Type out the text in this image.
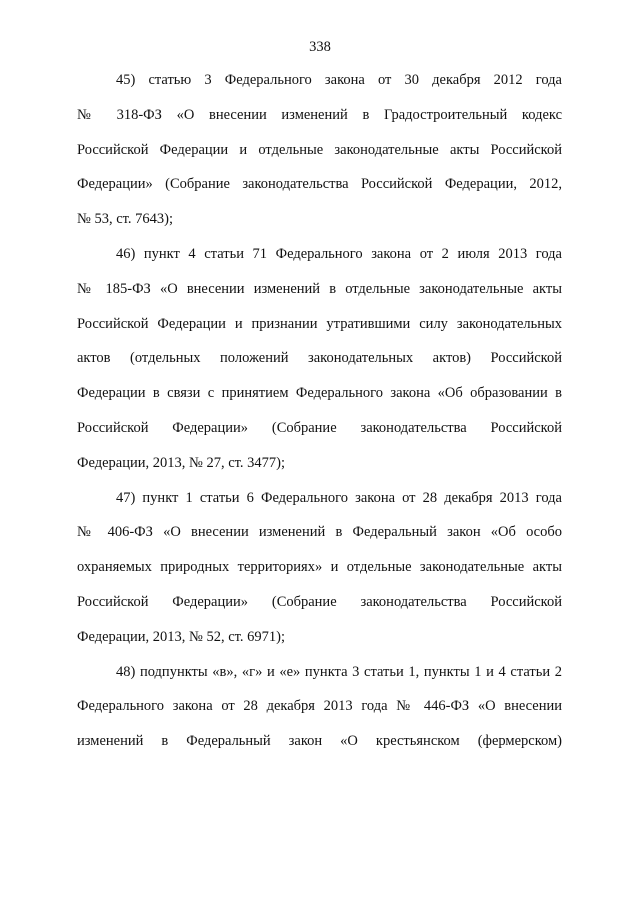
338
45) статью 3 Федерального закона от 30 декабря 2012 года
№ 318-ФЗ «О внесении изменений в Градостроительный кодекс
Российской Федерации и отдельные законодательные акты Российской
Федерации» (Собрание законодательства Российской Федерации, 2012,
№ 53, ст. 7643);
46) пункт 4 статьи 71 Федерального закона от 2 июля 2013 года
№ 185-ФЗ «О внесении изменений в отдельные законодательные акты
Российской Федерации и признании утратившими силу законодательных
актов (отдельных положений законодательных актов) Российской
Федерации в связи с принятием Федерального закона «Об образовании в
Российской Федерации» (Собрание законодательства Российской
Федерации, 2013, № 27, ст. 3477);
47) пункт 1 статьи 6 Федерального закона от 28 декабря 2013 года
№ 406-ФЗ «О внесении изменений в Федеральный закон «Об особо
охраняемых природных территориях» и отдельные законодательные акты
Российской Федерации» (Собрание законодательства Российской
Федерации, 2013, № 52, ст. 6971);
48) подпункты «в», «г» и «е» пункта 3 статьи 1, пункты 1 и 4 статьи 2
Федерального закона от 28 декабря 2013 года № 446-ФЗ «О внесении
изменений в Федеральный закон «О крестьянском (фермерском)
